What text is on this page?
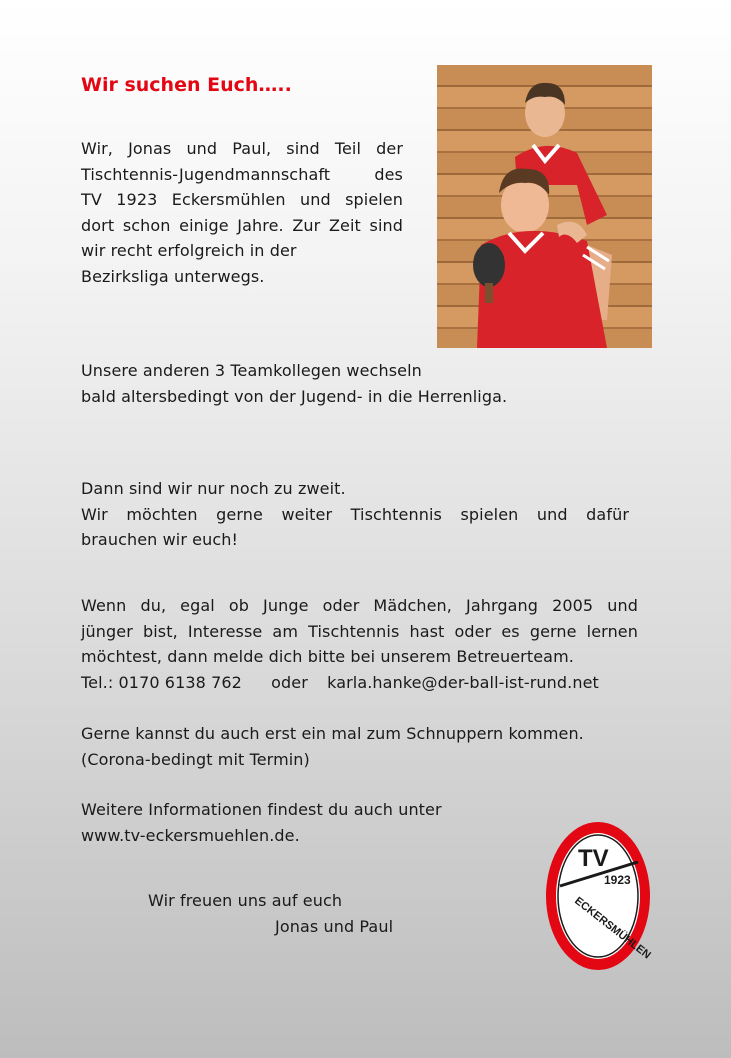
Wir suchen Euch…..

Wir, Jonas und Paul, sind Teil der

Tischtennis-Jugendmannschaft des

TV 1923 Eckersmühlen und spielen

dort schon einige Jahre. Zur Zeit sind

wir recht erfolgreich in der

Bezirksliga unterwegs.

Unsere anderen 3 Teamkollegen wechseln
bald altersbedingt von der Jugend- in die Herrenliga.

Dann sind wir nur noch zu zweit.

Wir möchten gerne weiter Tischtennis spielen und dafür

brauchen wir euch!

Wenn du, egal ob Junge oder Mädchen, Jahrgang 2005 und

jünger bist, Interesse am Tischtennis hast oder es gerne lernen

möchtest, dann melde dich bitte bei unserem Betreuerteam.

Tel.: 0170 6138 762 oder karla.hanke@der-ball-ist-rund.net

Gerne kannst du auch erst ein mal zum Schnuppern kommen.
(Corona-bedingt mit Termin)
Weitere Informationen findest du auch unter
www.tv-eckersmuehlen.de.
Wir freuen uns auf euch
Jonas und Paul
TV
1923
ECKERSMÜHLEN
